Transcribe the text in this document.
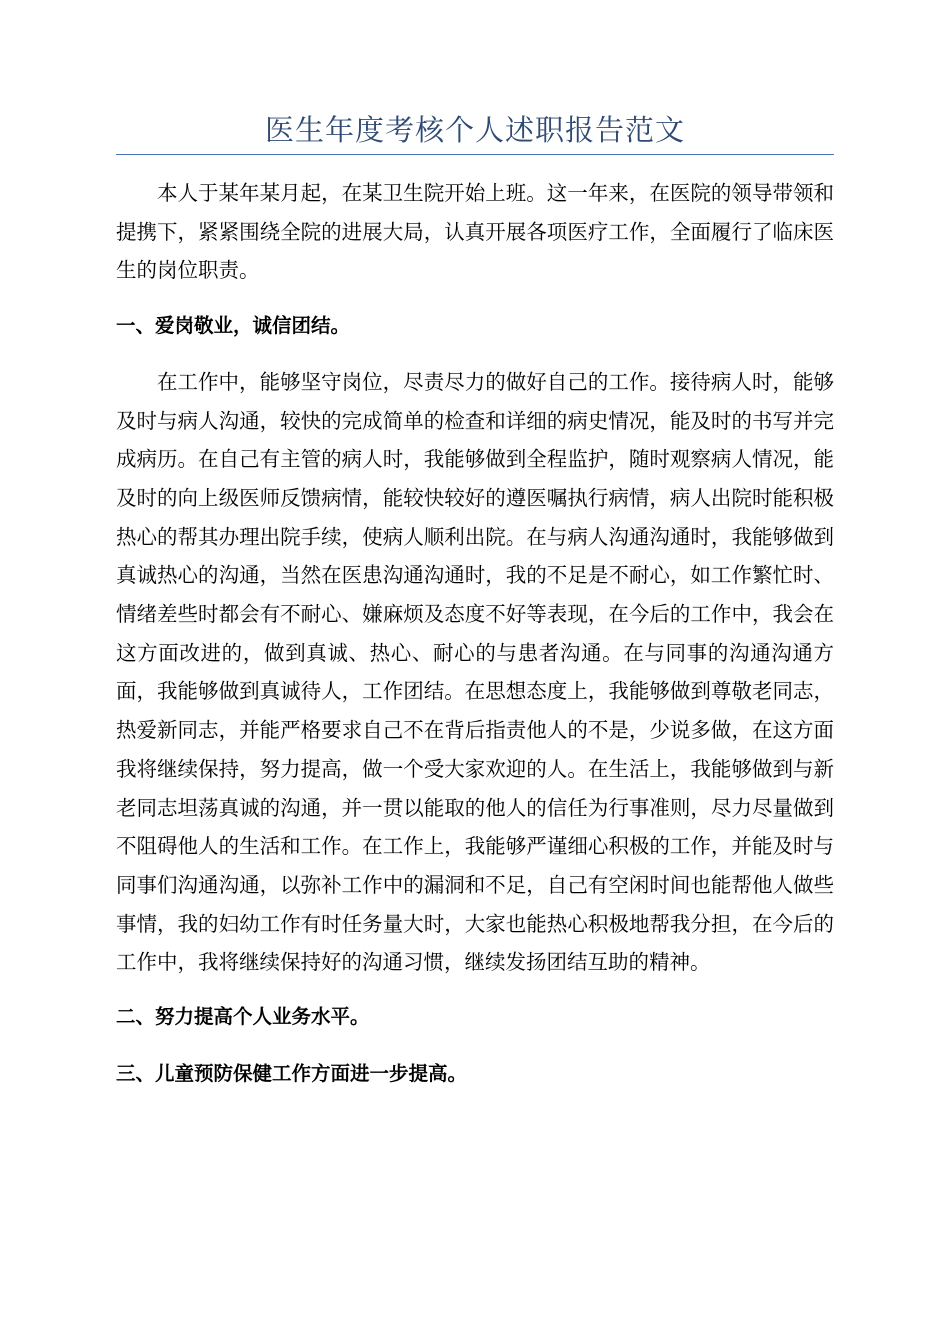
医生年度考核个人述职报告范文

本人于某年某月起，在某卫生院开始上班。这一年来，在医院的领导带领和提携下，紧紧围绕全院的进展大局，认真开展各项医疗工作，全面履行了临床医生的岗位职责。

一、爱岗敬业，诚信团结。

在工作中，能够坚守岗位，尽责尽力的做好自己的工作。接待病人时，能够及时与病人沟通，较快的完成简单的检查和详细的病史情况，能及时的书写并完成病历。在自己有主管的病人时，我能够做到全程监护，随时观察病人情况，能及时的向上级医师反馈病情，能较快较好的遵医嘱执行病情，病人出院时能积极热心的帮其办理出院手续，使病人顺利出院。在与病人沟通沟通时，我能够做到真诚热心的沟通，当然在医患沟通沟通时，我的不足是不耐心，如工作繁忙时、情绪差些时都会有不耐心、嫌麻烦及态度不好等表现，在今后的工作中，我会在这方面改进的，做到真诚、热心、耐心的与患者沟通。在与同事的沟通沟通方面，我能够做到真诚待人，工作团结。在思想态度上，我能够做到尊敬老同志，热爱新同志，并能严格要求自己不在背后指责他人的不是，少说多做，在这方面我将继续保持，努力提高，做一个受大家欢迎的人。在生活上，我能够做到与新老同志坦荡真诚的沟通，并一贯以能取的他人的信任为行事准则，尽力尽量做到不阻碍他人的生活和工作。在工作上，我能够严谨细心积极的工作，并能及时与同事们沟通沟通，以弥补工作中的漏洞和不足，自己有空闲时间也能帮他人做些事情，我的妇幼工作有时任务量大时，大家也能热心积极地帮我分担，在今后的工作中，我将继续保持好的沟通习惯，继续发扬团结互助的精神。

二、努力提高个人业务水平。

三、儿童预防保健工作方面进一步提高。
